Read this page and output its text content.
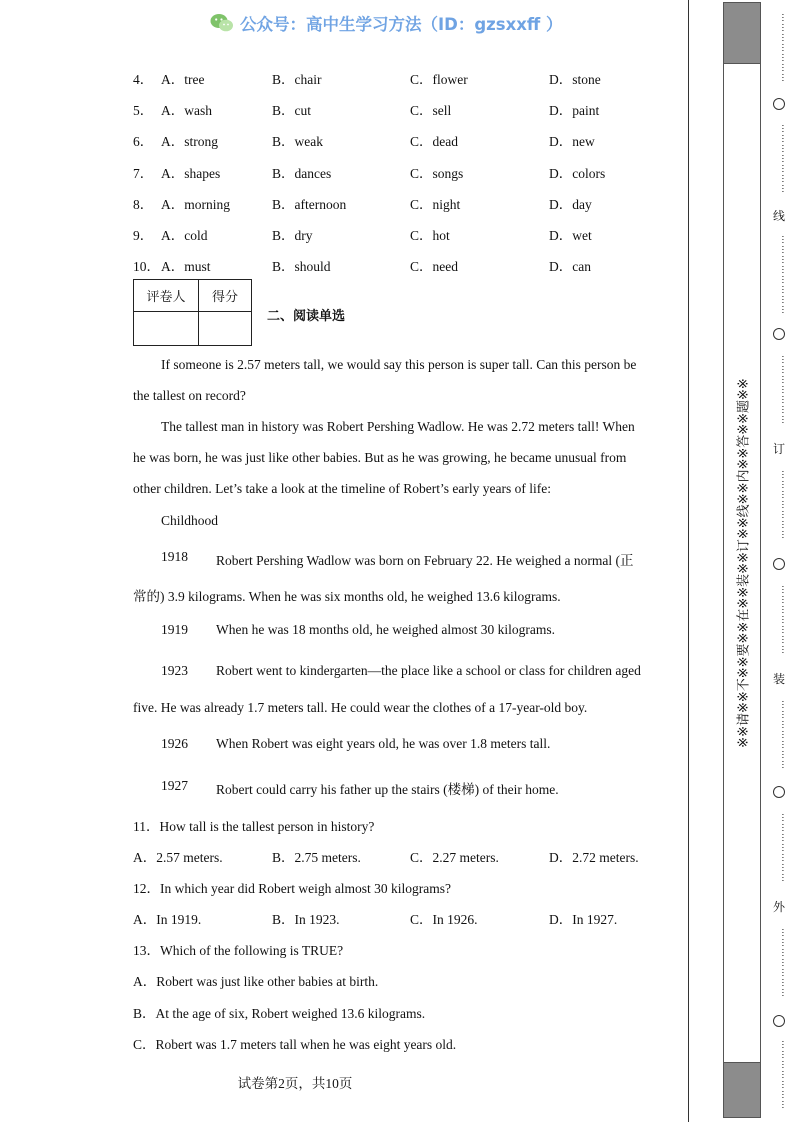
公众号：高中生学习方法（ID：gzsxxff ）
4． A．tree	B．chair	C．flower	D．stone
5． A．wash	B．cut	C．sell	D．paint
6． A．strong	B．weak	C．dead	D．new
7． A．shapes	B．dances	C．songs	D．colors
8． A．morning	B．afternoon	C．night	D．day
9． A．cold	B．dry	C．hot	D．wet
10． A．must	B．should	C．need	D．can
评卷人	得分

二、阅读单选
If someone is 2.57 meters tall, we would say this person is super tall. Can this person be
the tallest on record?
The tallest man in history was Robert Pershing Wadlow. He was 2.72 meters tall! When
he was born, he was just like other babies. But as he was growing, he became unusual from
other children. Let’s take a look at the timeline of Robert’s early years of life:
Childhood
1918 Robert Pershing Wadlow was born on February 22. He weighed a normal (正
常的) 3.9 kilograms. When he was six months old, he weighed 13.6 kilograms.
1919 When he was 18 months old, he weighed almost 30 kilograms.
1923 Robert went to kindergarten—the place like a school or class for children aged
five. He was already 1.7 meters tall. He could wear the clothes of a 17-year-old boy.
1926 When Robert was eight years old, he was over 1.8 meters tall.
1927 Robert could carry his father up the stairs (楼梯) of their home.
11．How tall is the tallest person in history?
A．2.57 meters.	B．2.75 meters.	C．2.27 meters.	D．2.72 meters.
12．In which year did Robert weigh almost 30 kilograms?
A．In 1919.	B．In 1923.	C．In 1926.	D．In 1927.
13．Which of the following is TRUE?
A．Robert was just like other babies at birth.
B．At the age of six, Robert weighed 13.6 kilograms.
C．Robert was 1.7 meters tall when he was eight years old.
试卷第2页，共10页
※※请※※不※※要※※在※※装※※订※※线※※内※※答※※题※※
⋯⋯⋯⋯⋯⋯⋯
⋯⋯⋯⋯⋯⋯⋯
线
⋯⋯⋯⋯⋯⋯⋯⋯
⋯⋯⋯⋯⋯⋯⋯
订
⋯⋯⋯⋯⋯⋯⋯
⋯⋯⋯⋯⋯⋯⋯
装
⋯⋯⋯⋯⋯⋯⋯
⋯⋯⋯⋯⋯⋯⋯
外
⋯⋯⋯⋯⋯⋯⋯
⋯⋯⋯⋯⋯⋯⋯
